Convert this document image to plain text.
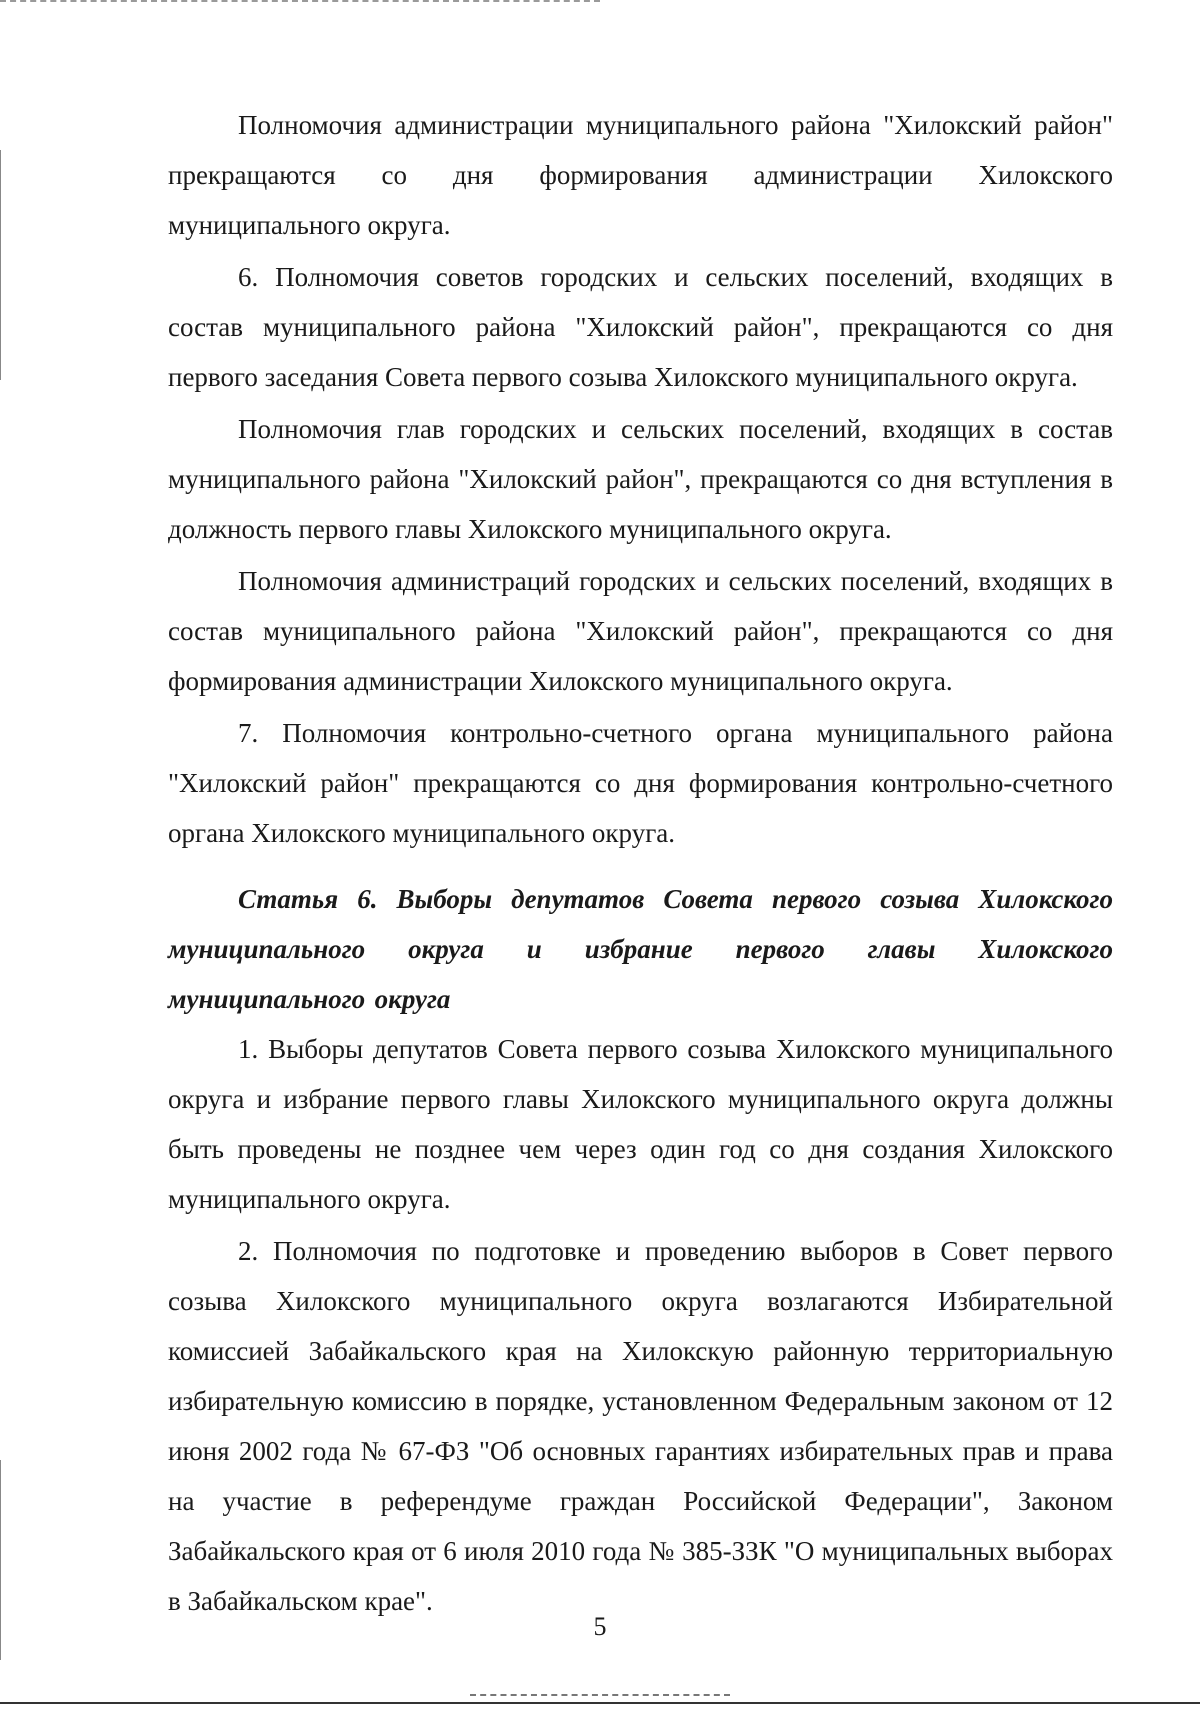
Полномочия администрации муниципального района "Хилокский район" прекращаются со дня формирования администрации Хилокского муниципального округа.

6. Полномочия советов городских и сельских поселений, входящих в состав муниципального района "Хилокский район", прекращаются со дня первого заседания Совета первого созыва Хилокского муниципального округа.

Полномочия глав городских и сельских поселений, входящих в состав муниципального района "Хилокский район", прекращаются со дня вступления в должность первого главы Хилокского муниципального округа.

Полномочия администраций городских и сельских поселений, входящих в состав муниципального района "Хилокский район", прекращаются со дня формирования администрации Хилокского муниципального округа.

7. Полномочия контрольно-счетного органа муниципального района "Хилокский район" прекращаются со дня формирования контрольно-счетного органа Хилокского муниципального округа.

Статья 6. Выборы депутатов Совета первого созыва Хилокского муниципального округа и избрание первого главы Хилокского муниципального округа

1. Выборы депутатов Совета первого созыва Хилокского муниципального округа и избрание первого главы Хилокского муниципального округа должны быть проведены не позднее чем через один год со дня создания Хилокского муниципального округа.

2. Полномочия по подготовке и проведению выборов в Совет первого созыва Хилокского муниципального округа возлагаются Избирательной комиссией Забайкальского края на Хилокскую районную территориальную избирательную комиссию в порядке, установленном Федеральным законом от 12 июня 2002 года № 67-ФЗ "Об основных гарантиях избирательных прав и права на участие в референдуме граждан Российской Федерации", Законом Забайкальского края от 6 июля 2010 года № 385-ЗЗК "О муниципальных выборах в Забайкальском крае".

5
